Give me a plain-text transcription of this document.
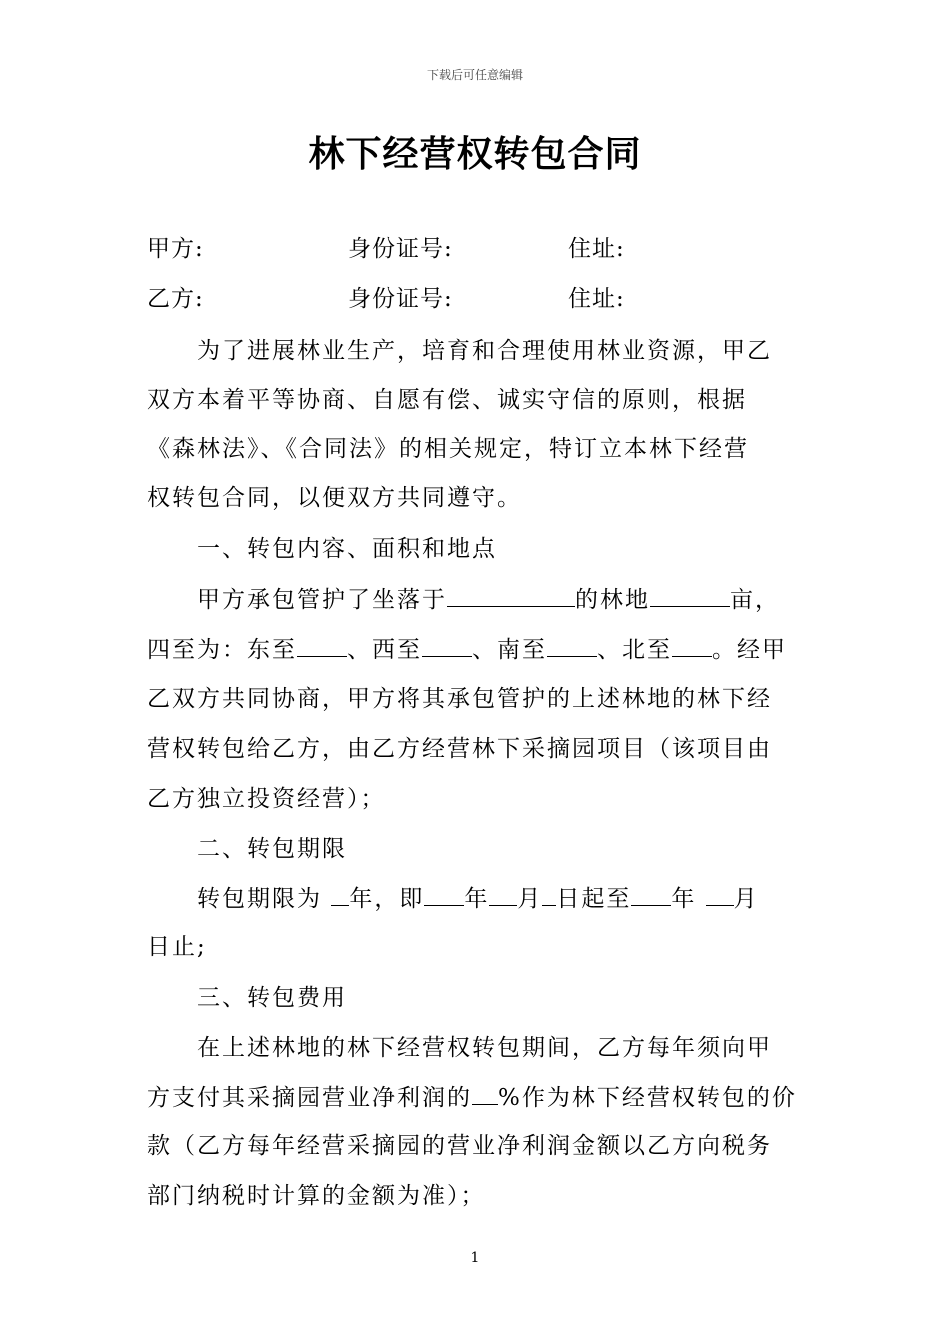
下载后可任意编辑
林下经营权转包合同
甲方:	身份证号:	住址:
乙方:	身份证号:	住址:
为了进展林业生产，培育和合理使用林业资源，甲乙
双方本着平等协商、自愿有偿、诚实守信的原则，根据
《森林法》、《合同法》的相关规定，特订立本林下经营
权转包合同，以便双方共同遵守。
一、转包内容、面积和地点
甲方承包管护了坐落于	的林地	亩，
四至为：东至 、西至 、南至 、北至 。经甲
乙双方共同协商，甲方将其承包管护的上述林地的林下经
营权转包给乙方，由乙方经营林下采摘园项目（该项目由
乙方独立投资经营）；
二、转包期限
转包期限为 年，即 年 月 日起至 年 月
日止;
三、转包费用
在上述林地的林下经营权转包期间，乙方每年须向甲
方支付其采摘园营业净利润的 %作为林下经营权转包的价
款（乙方每年经营采摘园的营业净利润金额以乙方向税务
部门纳税时计算的金额为准）；
1
